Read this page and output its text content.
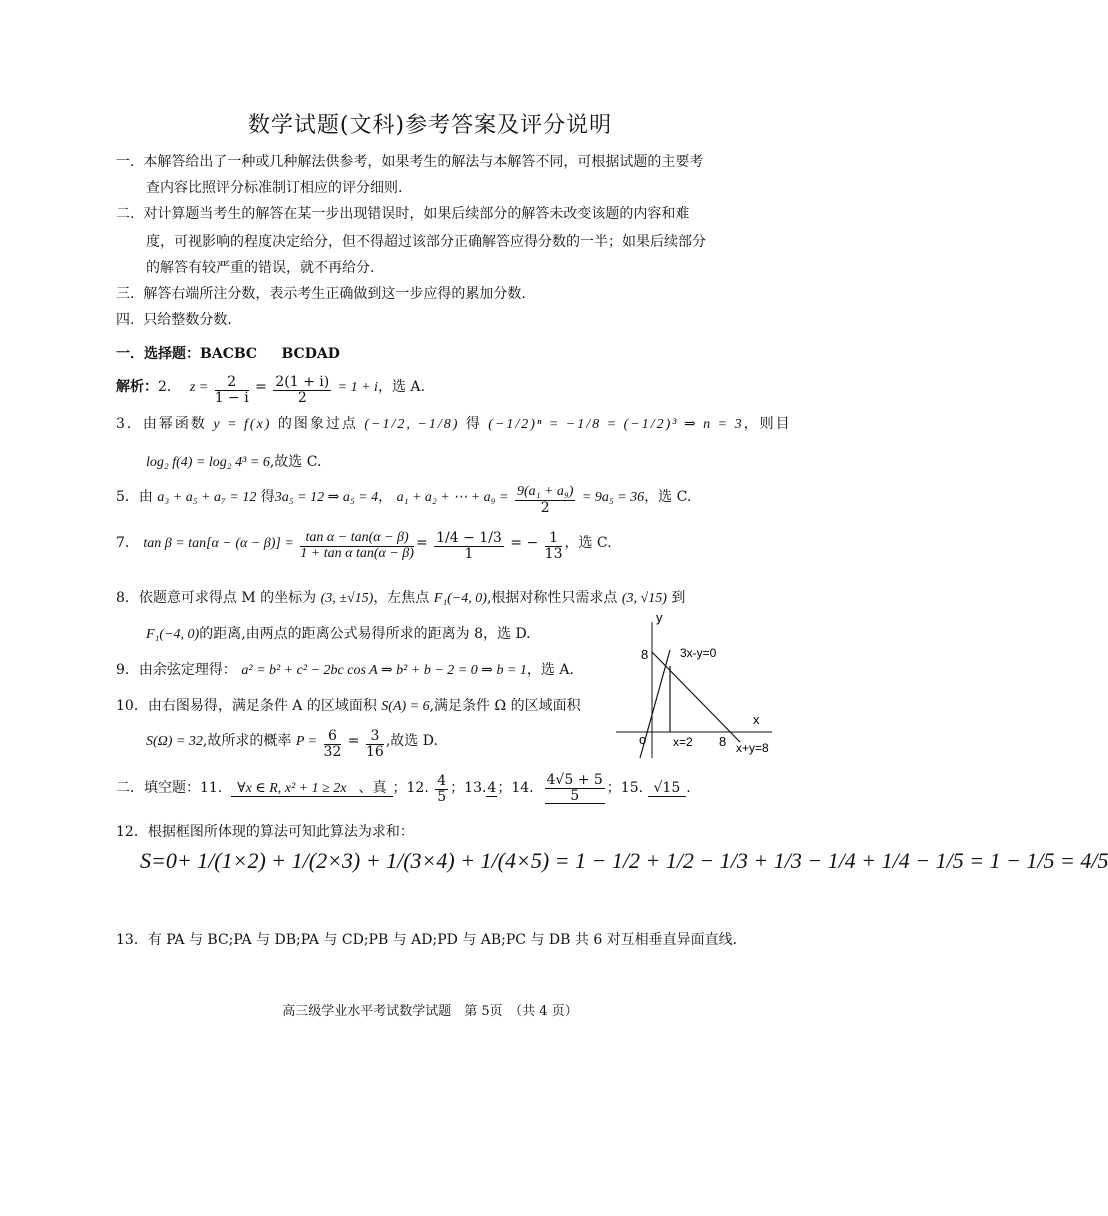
数学试题(文科)参考答案及评分说明
一. 本解答给出了一种或几种解法供参考，如果考生的解法与本解答不同，可根据试题的主要考
查内容比照评分标准制订相应的评分细则.
二. 对计算题当考生的解答在某一步出现错误时，如果后续部分的解答未改变该题的内容和难
度，可视影响的程度决定给分，但不得超过该部分正确解答应得分数的一半；如果后续部分
的解答有较严重的错误，就不再给分.
三. 解答右端所注分数，表示考生正确做到这一步应得的累加分数.
四. 只给整数分数.
一．选择题：BACBC BCDAD
解析：2． $z = \frac{2}{1 - i} = \frac{2(1 + i)}{2} = 1 + i$，选 A.
3．由幂函数 y = f(x) 的图象过点 (−1/2, −1/8) 得 (−1/2)ⁿ = −1/8 = (−1/2)³ ⇒ n = 3，则目
log₂ f(4) = log₂ 4³ = 6,故选 C.
5．由 a₃ + a₅ + a₇ = 12 得3a₅ = 12 ⇒ a₅ = 4， a₁ + a₂ + ⋯ + $a_9 = \frac{\text{9(a₁ + a₉)}}{2} = 9a_5 = 36$，选 C.
7． $\tan \beta = \tan[\alpha - (\alpha - \beta)] = \frac{\text{tan α − tan(α − β)}}{\text{1 + tan α tan(α − β)}} = \frac{1/4 - 1/3}{1}$ = − $\frac{1}{13}$ ，选 C.
8．依题意可求得点 M 的坐标为 (3, ±√15)，左焦点 F₁(−4, 0),根据对称性只需求点 (3, √15) 到
F₁(−4, 0)的距离,由两点的距离公式易得所求的距离为 8，选 D.
9．由余弦定理得： a² = b² + c² − 2bc cos A ⇒ b² + b − 2 = 0 ⇒ b = 1，选 A.
10．由右图易得，满足条件 A 的区域面积 S(A) = 6,满足条件 Ω 的区域面积
S(Ω) = 32,故所求的概率 $P = \frac{6}{32} = \frac{3}{16}$ ,故选 D.
y
x
o
8
8
3x-y=0
x=2	x+y=8
二．填空题：11. ∀x ∈ R, x² + 1 ≥ 2x 、真 ；12. $\frac{4}{5}$ ；13.4；14. $\frac{4√5 + 5}{5}$ ；15. √15 .
12．根据框图所体现的算法可知此算法为求和：
S=0+ 1/(1×2) + 1/(2×3) + 1/(3×4) + 1/(4×5) = 1 − 1/2 + 1/2 − 1/3 + 1/3 − 1/4 + 1/4 − 1/5 = 1 − 1/5 = 4/5
13．有 PA 与 BC;PA 与 DB;PA 与 CD;PB 与 AD;PD 与 AB;PC 与 DB 共 6 对互相垂直异面直线.
高三级学业水平考试数学试题　第 5页　（共 4 页）
